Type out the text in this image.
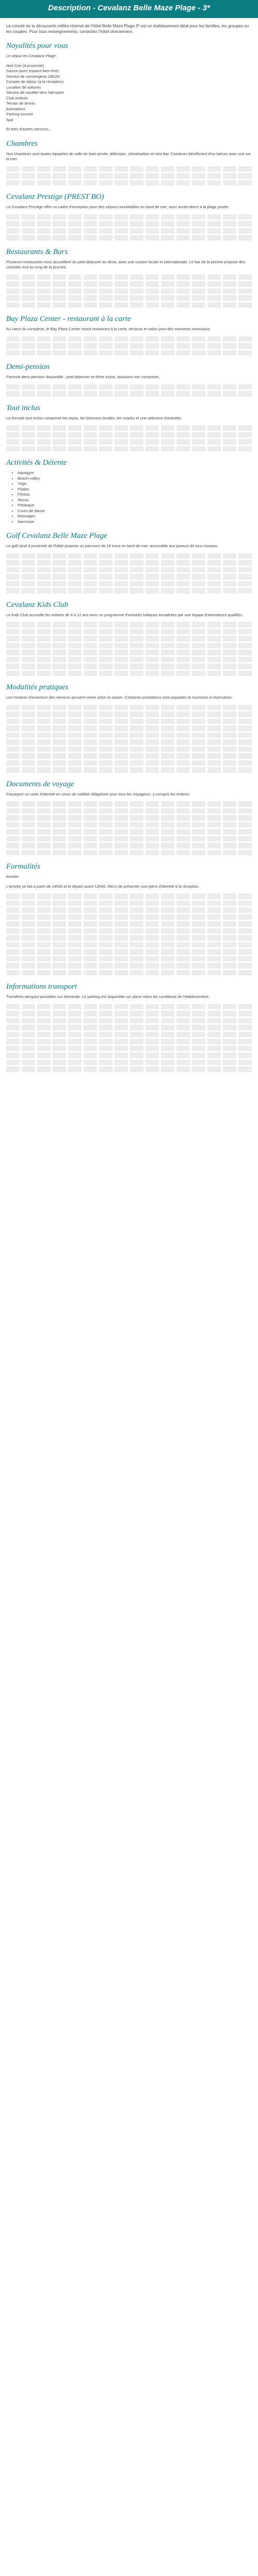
Description - Cevalanz Belle Maze Plage - 3*

Le concilé de la découverte mêlée réservé de l'hôtel Belle Maze Plage 3* est un établissement idéal pour les familles, les groupes ou les couples. Pour tous renseignements, contactez l'hôtel directement.

Noyalités pour vous

Le séjour en Cevalanz Plage:

Noé Ceri (à proximité)
Sauna (avec espace bien-être)
Service de conciergerie 24h/24
Compte de séjour (à la réception)
Location de voitures
Service de navette vers l'aéroport
Club enfants
Terrain de tennis
Animations
Parking couvert
Spa

Et bien d'autres services...

Chambres

Nos chambres sont toutes équipées de salle de bain privée, télévision, climatisation et mini-bar. Certaines bénéficient d'un balcon avec vue sur la mer.

Cevalanz Prestige (PREST BO)

Le Cevalanz Prestige offre un cadre d'exception pour des séjours inoubliables en bord de mer, avec accès direct à la plage privée.

Restaurants & Bars

Plusieurs restaurants vous accueillent du petit-déjeuner au dîner, avec une cuisine locale et internationale. Le bar de la piscine propose des cocktails tout au long de la journée.

Bay Plaza Center - restaurant à la carte

Au cœur du complexe, le Bay Plaza Center réunit restaurant à la carte, terrasse et salon pour des moments conviviaux.

Demi-pension

Formule demi-pension disponible : petit-déjeuner et dîner inclus, boissons non comprises.

Tout inclus

La formule tout inclus comprend les repas, les boissons locales, les snacks et une sélection d'activités.

Activités & Détente
• Aquagym
• Beach-volley
• Yoga
• Pilates
• Fitness
• Tennis
• Pétanque
• Cours de danse
• Massages
• Hammam
Golf Cevalanz Belle Maze Plage

Le golf situé à proximité de l'hôtel propose un parcours de 18 trous en bord de mer, accessible aux joueurs de tous niveaux.

Cevalanz Kids Club

Le Kids Club accueille les enfants de 4 à 12 ans avec un programme d'activités ludiques encadrées par une équipe d'animateurs qualifiés.

Modalités pratiques

Les horaires d'ouverture des services peuvent varier selon la saison. Certaines prestations sont payantes et soumises à réservation.

Documents de voyage

Passeport ou carte d'identité en cours de validité obligatoire pour tous les voyageurs, y compris les enfants.

Formalités

Arrivée

L'arrivée se fait à partir de 14h00 et le départ avant 12h00. Merci de présenter une pièce d'identité à la réception.

Informations transport

Transferts aéroport possibles sur demande. Le parking est disponible sur place selon les conditions de l'établissement.
